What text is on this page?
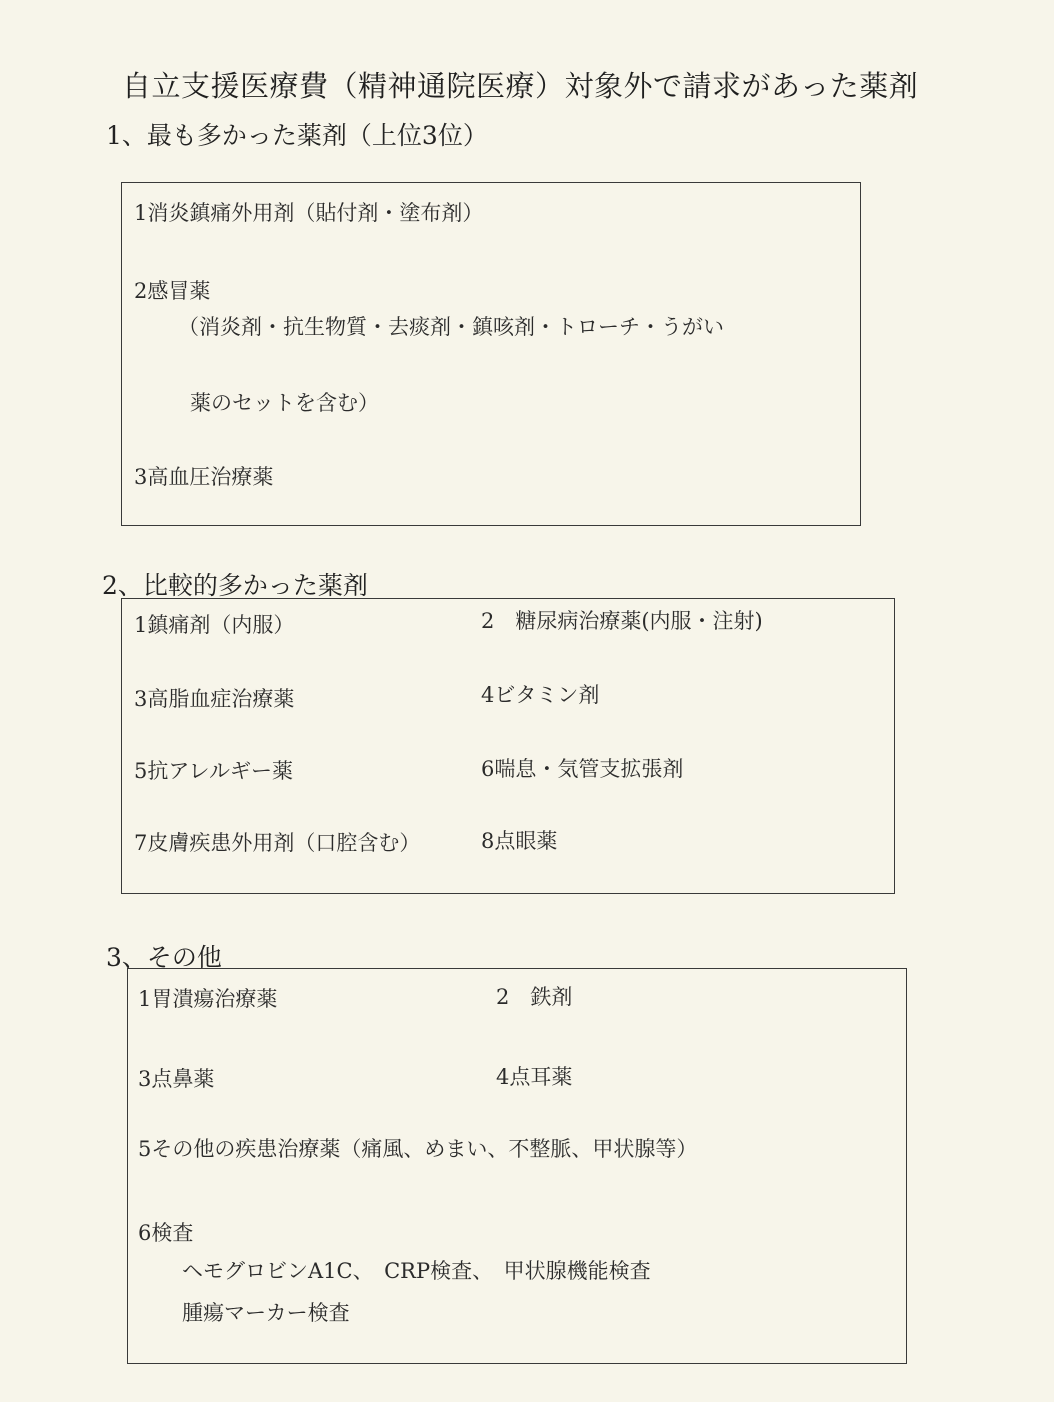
自立支援医療費（精神通院医療）対象外で請求があった薬剤
1、最も多かった薬剤（上位3位）
1消炎鎮痛外用剤（貼付剤・塗布剤）
2感冒薬
（消炎剤・抗生物質・去痰剤・鎮咳剤・トローチ・うがい
薬のセットを含む）
3高血圧治療薬
2、比較的多かった薬剤
1鎮痛剤（内服）	2　糖尿病治療薬(内服・注射)
3高脂血症治療薬	4ビタミン剤
5抗アレルギー薬	6喘息・気管支拡張剤
7皮膚疾患外用剤（口腔含む）	8点眼薬
3、その他
1胃潰瘍治療薬	2　鉄剤
3点鼻薬	4点耳薬
5その他の疾患治療薬（痛風、めまい、不整脈、甲状腺等）
6検査
ヘモグロビンA1C、　CRP検査、　甲状腺機能検査
腫瘍マーカー検査
